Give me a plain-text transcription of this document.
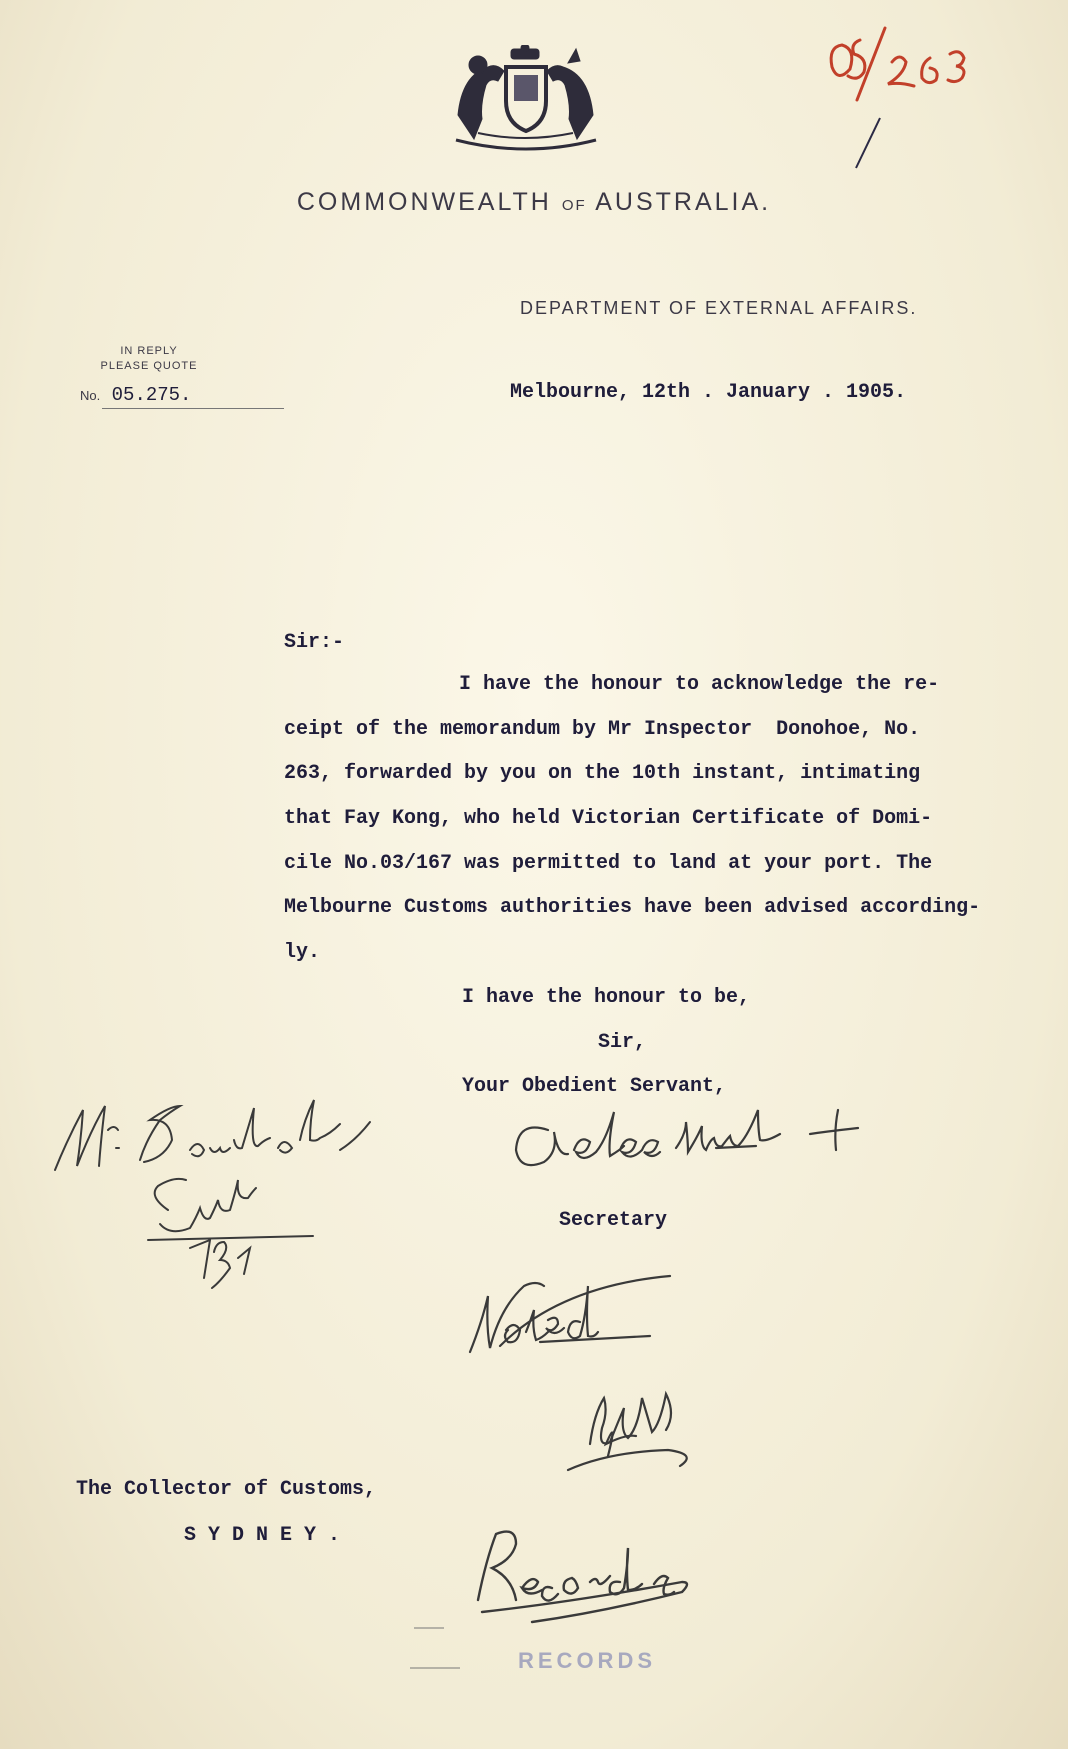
COMMONWEALTH OF AUSTRALIA.
DEPARTMENT OF EXTERNAL AFFAIRS.
IN REPLY
PLEASE QUOTE
No. 05.275.	Melbourne, 12th . January . 1905.
Sir:-
I have the honour to acknowledge the re-
ceipt of the memorandum by Mr Inspector  Donohoe, No.
263, forwarded by you on the 10th instant, intimating
that Fay Kong, who held Victorian Certificate of Domi-
cile No.03/167 was permitted to land at your port. The
Melbourne Customs authorities have been advised according-
ly.
I have the honour to be,
Sir,
Your Obedient Servant,
Secretary
The Collector of Customs,
S Y D N E Y .
RECORDS
